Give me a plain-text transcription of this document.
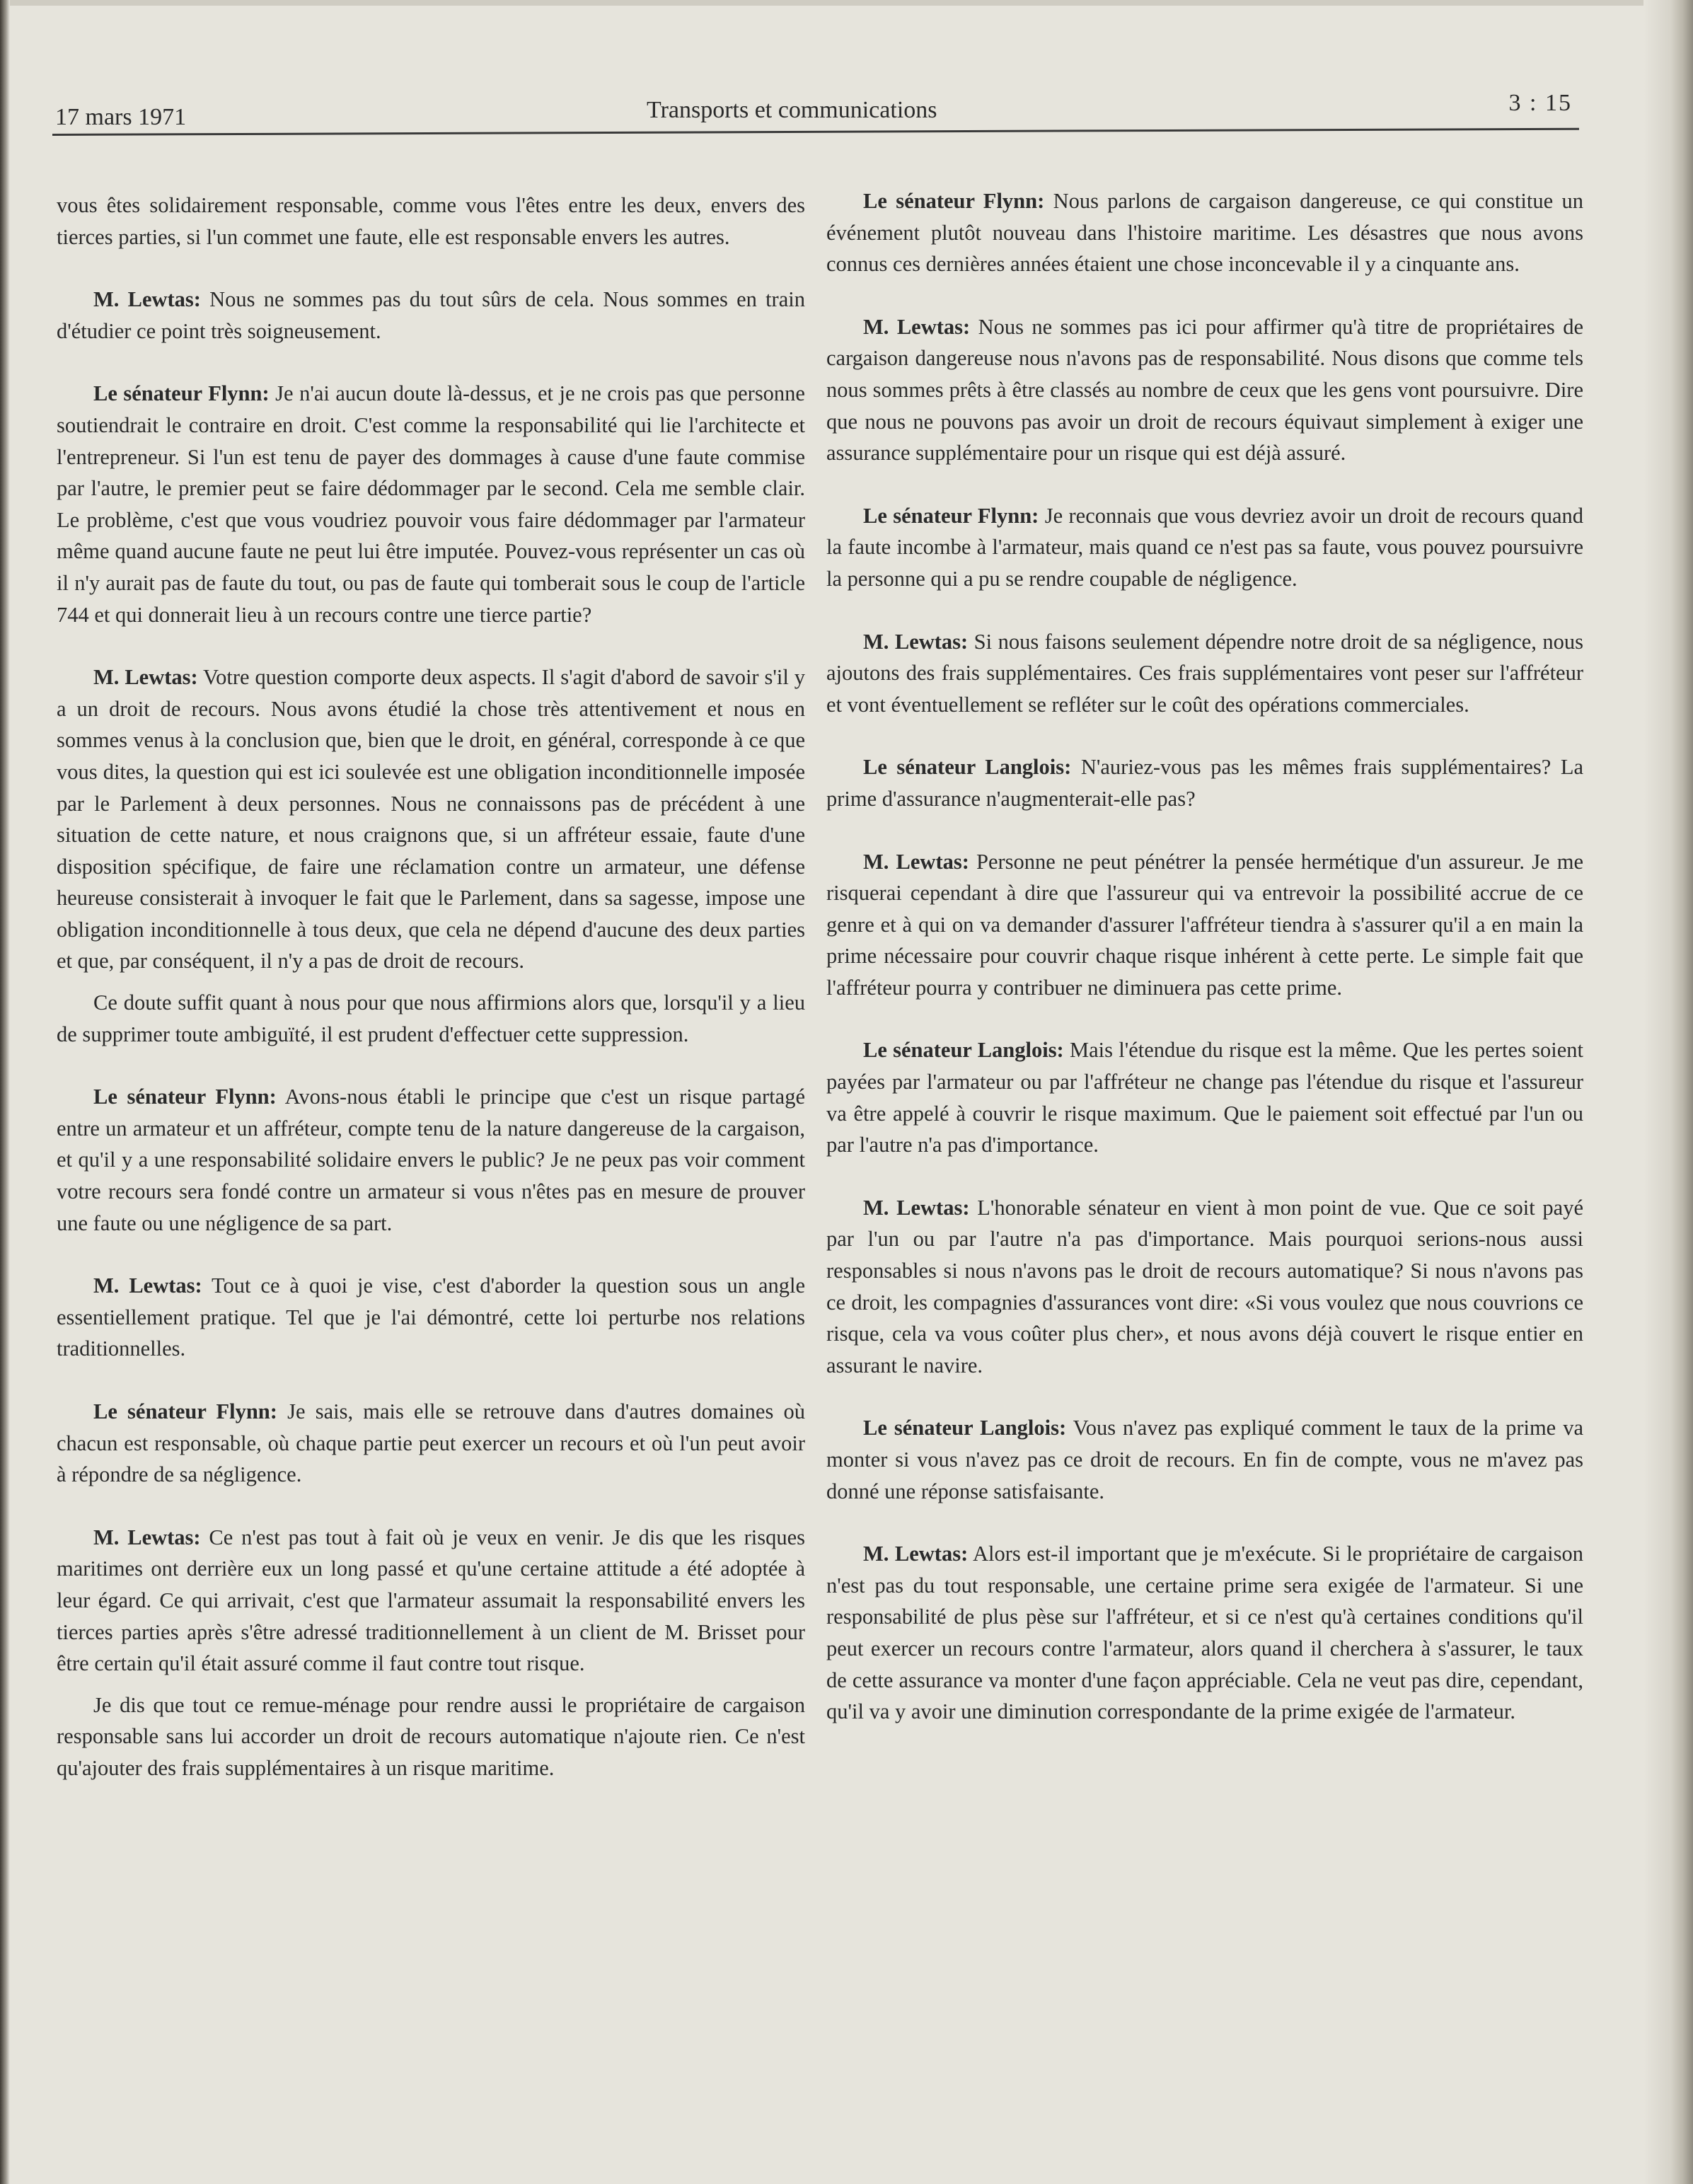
17 mars 1971	Transports et communications	3 : 15

vous êtes solidairement responsable, comme vous l'êtes entre les deux, envers des tierces parties, si l'un commet une faute, elle est responsable envers les autres.

M. Lewtas: Nous ne sommes pas du tout sûrs de cela. Nous sommes en train d'étudier ce point très soigneusement.

Le sénateur Flynn: Je n'ai aucun doute là-dessus, et je ne crois pas que personne soutiendrait le contraire en droit. C'est comme la responsabilité qui lie l'architecte et l'entrepreneur. Si l'un est tenu de payer des dommages à cause d'une faute commise par l'autre, le premier peut se faire dédommager par le second. Cela me semble clair. Le problème, c'est que vous voudriez pouvoir vous faire dédommager par l'armateur même quand aucune faute ne peut lui être imputée. Pouvez-vous représenter un cas où il n'y aurait pas de faute du tout, ou pas de faute qui tomberait sous le coup de l'article 744 et qui donnerait lieu à un recours contre une tierce partie?

M. Lewtas: Votre question comporte deux aspects. Il s'agit d'abord de savoir s'il y a un droit de recours. Nous avons étudié la chose très attentivement et nous en sommes venus à la conclusion que, bien que le droit, en général, corresponde à ce que vous dites, la question qui est ici soulevée est une obligation inconditionnelle imposée par le Parlement à deux personnes. Nous ne connaissons pas de précédent à une situation de cette nature, et nous craignons que, si un affréteur essaie, faute d'une disposition spécifique, de faire une réclamation contre un armateur, une défense heureuse consisterait à invoquer le fait que le Parlement, dans sa sagesse, impose une obligation inconditionnelle à tous deux, que cela ne dépend d'aucune des deux parties et que, par conséquent, il n'y a pas de droit de recours.

Ce doute suffit quant à nous pour que nous affirmions alors que, lorsqu'il y a lieu de supprimer toute ambiguïté, il est prudent d'effectuer cette suppression.

Le sénateur Flynn: Avons-nous établi le principe que c'est un risque partagé entre un armateur et un affréteur, compte tenu de la nature dangereuse de la cargaison, et qu'il y a une responsabilité solidaire envers le public? Je ne peux pas voir comment votre recours sera fondé contre un armateur si vous n'êtes pas en mesure de prouver une faute ou une négligence de sa part.

M. Lewtas: Tout ce à quoi je vise, c'est d'aborder la question sous un angle essentiellement pratique. Tel que je l'ai démontré, cette loi perturbe nos relations traditionnelles.

Le sénateur Flynn: Je sais, mais elle se retrouve dans d'autres domaines où chacun est responsable, où chaque partie peut exercer un recours et où l'un peut avoir à répondre de sa négligence.

M. Lewtas: Ce n'est pas tout à fait où je veux en venir. Je dis que les risques maritimes ont derrière eux un long passé et qu'une certaine attitude a été adoptée à leur égard. Ce qui arrivait, c'est que l'armateur assumait la responsabilité envers les tierces parties après s'être adressé traditionnellement à un client de M. Brisset pour être certain qu'il était assuré comme il faut contre tout risque.

Je dis que tout ce remue-ménage pour rendre aussi le propriétaire de cargaison responsable sans lui accorder un droit de recours automatique n'ajoute rien. Ce n'est qu'ajouter des frais supplémentaires à un risque maritime.

Le sénateur Flynn: Nous parlons de cargaison dangereuse, ce qui constitue un événement plutôt nouveau dans l'histoire maritime. Les désastres que nous avons connus ces dernières années étaient une chose inconcevable il y a cinquante ans.

M. Lewtas: Nous ne sommes pas ici pour affirmer qu'à titre de propriétaires de cargaison dangereuse nous n'avons pas de responsabilité. Nous disons que comme tels nous sommes prêts à être classés au nombre de ceux que les gens vont poursuivre. Dire que nous ne pouvons pas avoir un droit de recours équivaut simplement à exiger une assurance supplémentaire pour un risque qui est déjà assuré.

Le sénateur Flynn: Je reconnais que vous devriez avoir un droit de recours quand la faute incombe à l'armateur, mais quand ce n'est pas sa faute, vous pouvez poursuivre la personne qui a pu se rendre coupable de négligence.

M. Lewtas: Si nous faisons seulement dépendre notre droit de sa négligence, nous ajoutons des frais supplémentaires. Ces frais supplémentaires vont peser sur l'affréteur et vont éventuellement se refléter sur le coût des opérations commerciales.

Le sénateur Langlois: N'auriez-vous pas les mêmes frais supplémentaires? La prime d'assurance n'augmenterait-elle pas?

M. Lewtas: Personne ne peut pénétrer la pensée hermétique d'un assureur. Je me risquerai cependant à dire que l'assureur qui va entrevoir la possibilité accrue de ce genre et à qui on va demander d'assurer l'affréteur tiendra à s'assurer qu'il a en main la prime nécessaire pour couvrir chaque risque inhérent à cette perte. Le simple fait que l'affréteur pourra y contribuer ne diminuera pas cette prime.

Le sénateur Langlois: Mais l'étendue du risque est la même. Que les pertes soient payées par l'armateur ou par l'affréteur ne change pas l'étendue du risque et l'assureur va être appelé à couvrir le risque maximum. Que le paiement soit effectué par l'un ou par l'autre n'a pas d'importance.

M. Lewtas: L'honorable sénateur en vient à mon point de vue. Que ce soit payé par l'un ou par l'autre n'a pas d'importance. Mais pourquoi serions-nous aussi responsables si nous n'avons pas le droit de recours automatique? Si nous n'avons pas ce droit, les compagnies d'assurances vont dire: «Si vous voulez que nous couvrions ce risque, cela va vous coûter plus cher», et nous avons déjà couvert le risque entier en assurant le navire.

Le sénateur Langlois: Vous n'avez pas expliqué comment le taux de la prime va monter si vous n'avez pas ce droit de recours. En fin de compte, vous ne m'avez pas donné une réponse satisfaisante.

M. Lewtas: Alors est-il important que je m'exécute. Si le propriétaire de cargaison n'est pas du tout responsable, une certaine prime sera exigée de l'armateur. Si une responsabilité de plus pèse sur l'affréteur, et si ce n'est qu'à certaines conditions qu'il peut exercer un recours contre l'armateur, alors quand il cherchera à s'assurer, le taux de cette assurance va monter d'une façon appréciable. Cela ne veut pas dire, cependant, qu'il va y avoir une diminution correspondante de la prime exigée de l'armateur.
